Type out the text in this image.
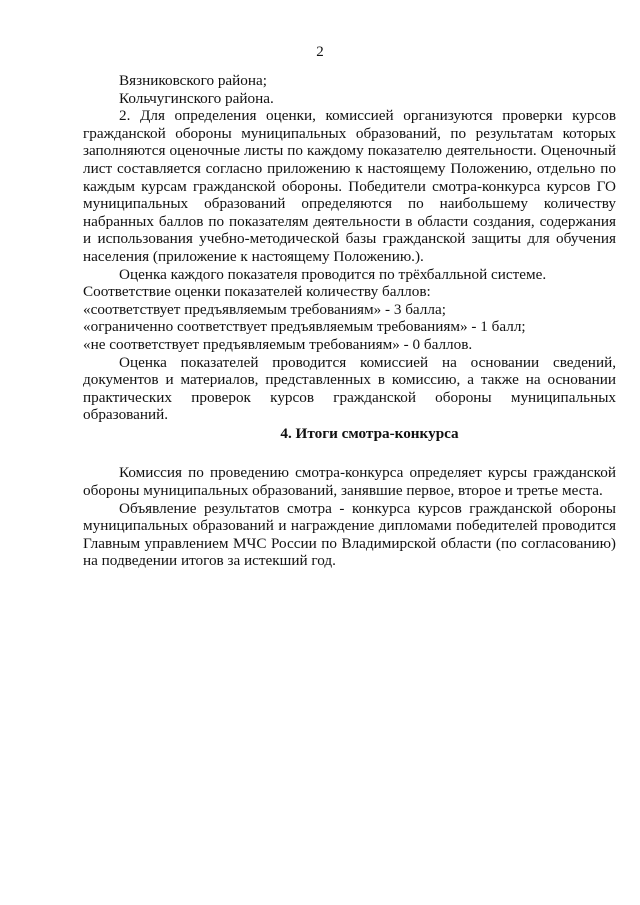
2

Вязниковского района;

Кольчугинского района.

2. Для определения оценки, комиссией организуются проверки курсов гражданской обороны муниципальных образований, по результатам которых заполняются оценочные листы по каждому показателю деятельности. Оценочный лист составляется согласно приложению к настоящему Положению, отдельно по каждым курсам гражданской обороны. Победители смотра-конкурса курсов ГО муниципальных образований определяются по наибольшему количеству набранных баллов по показателям деятельности в области создания, содержания и использования учебно-методической базы гражданской защиты для обучения населения (приложение к настоящему Положению.).

Оценка каждого показателя проводится по трёхбалльной системе.

Соответствие оценки показателей количеству баллов:

«соответствует предъявляемым требованиям» - 3 балла;

«ограниченно соответствует предъявляемым требованиям» - 1 балл;

«не соответствует предъявляемым требованиям» - 0 баллов.

Оценка показателей проводится комиссией на основании сведений, документов и материалов, представленных в комиссию, а также на основании практических проверок курсов гражданской обороны муниципальных образований.

4. Итоги смотра-конкурса

Комиссия по проведению смотра-конкурса определяет курсы гражданской обороны муниципальных образований, занявшие первое, второе и третье места.

Объявление результатов смотра - конкурса курсов гражданской обороны муниципальных образований и награждение дипломами победителей проводится Главным управлением МЧС России по Владимирской области (по согласованию) на подведении итогов за истекший год.
